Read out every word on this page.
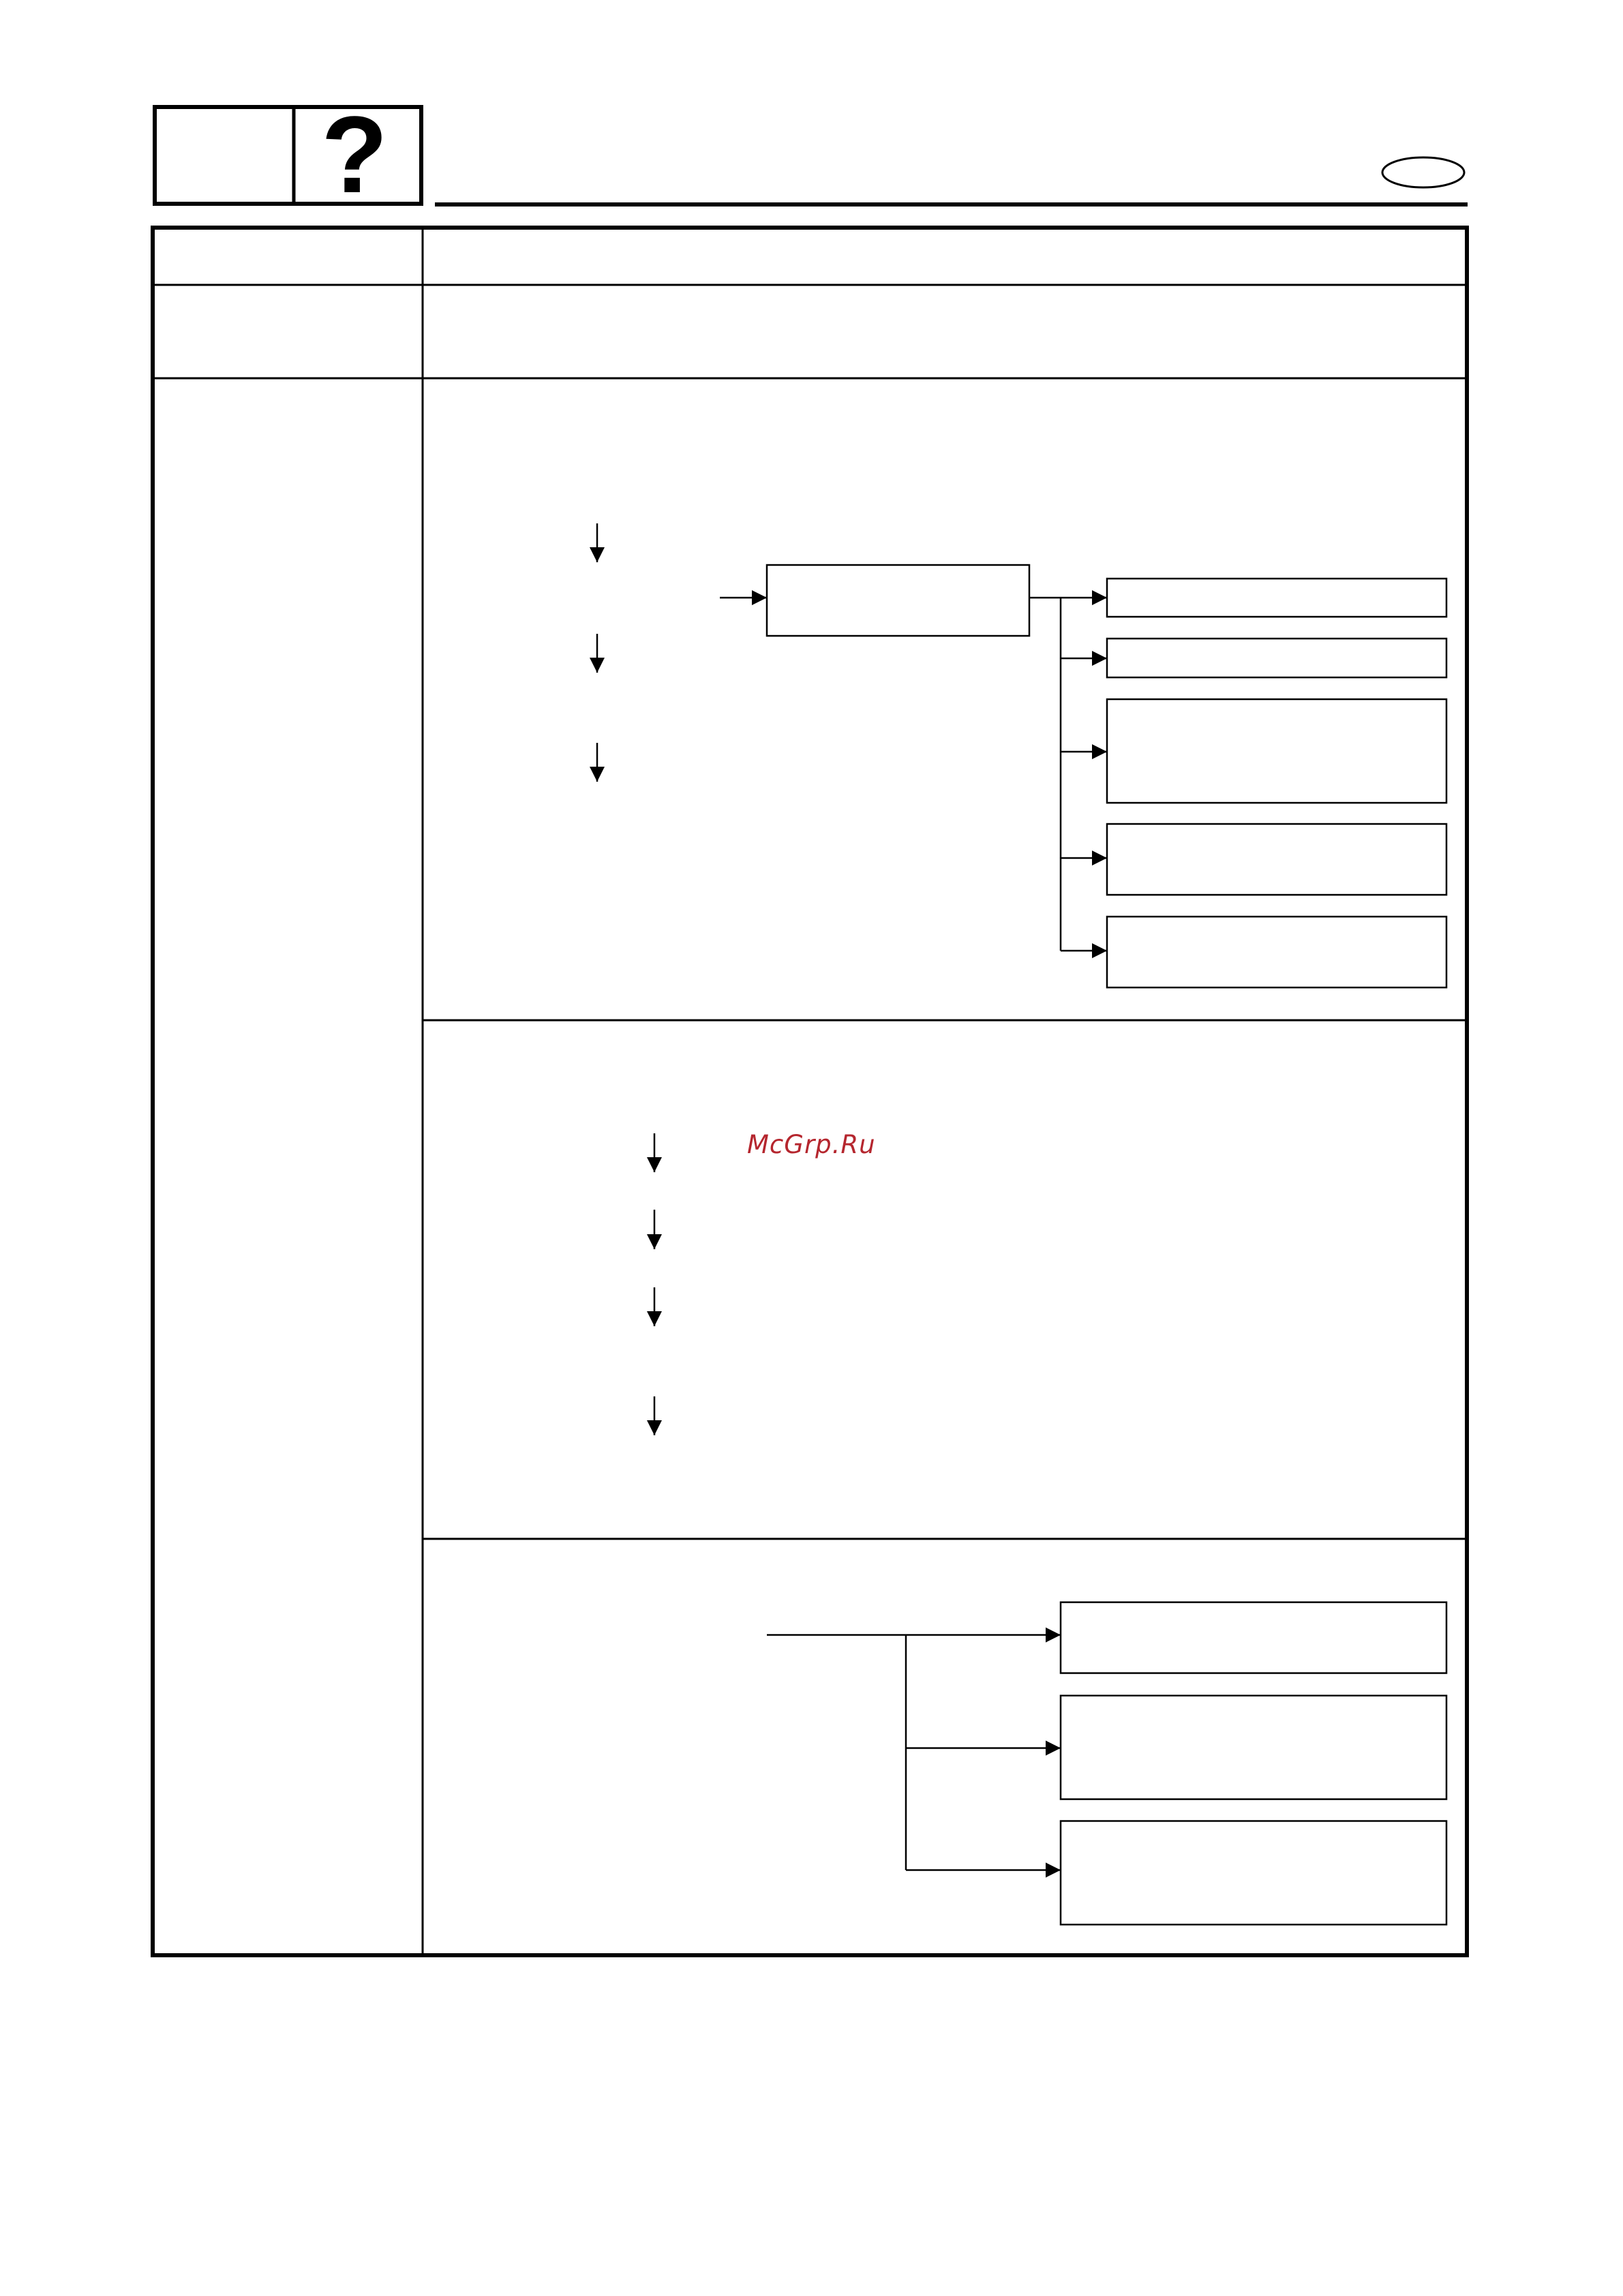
?
McGrp.Ru
